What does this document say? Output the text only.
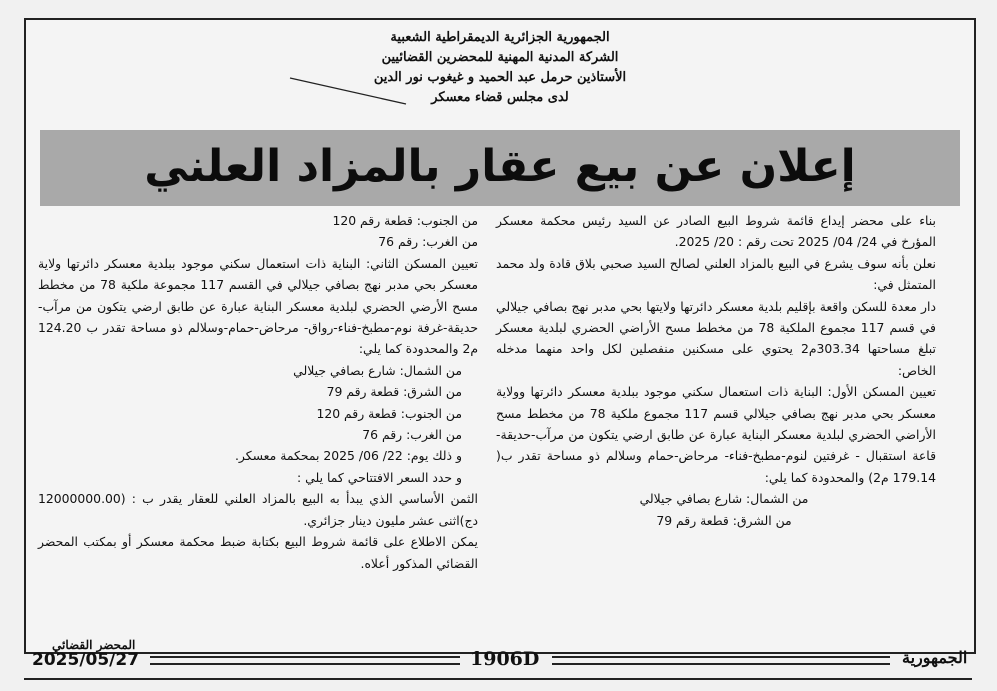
الجمهورية الجزائرية الديمقراطية الشعبية
الشركة المدنية المهنية للمحضرين القضائيين
الأستاذين حرمل عبد الحميد و غيغوب نور الدين
لدى مجلس قضاء معسكر
إعلان عن بيع عقار بالمزاد العلني

بناء على محضر إيداع قائمة شروط البيع الصادر عن السيد رئيس محكمة معسكر المؤرخ في 24/ 04/ 2025 تحت رقم : 20/ 2025.

نعلن بأنه سوف يشرع في البيع بالمزاد العلني لصالح السيد صحبي بلاق قادة ولد محمد المتمثل في:

دار معدة للسكن واقعة بإقليم بلدية معسكر دائرتها ولايتها بحي مدبر نهج بصافي جيلالي في قسم 117 مجموع الملكية 78 من مخطط مسح الأراضي الحضري لبلدية معسكر تبلغ مساحتها 303.34م2 يحتوي على مسكنين منفصلين لكل واحد منهما مدخله الخاص:

تعيين المسكن الأول: البناية ذات استعمال سكني موجود ببلدية معسكر دائرتها وولاية معسكر بحي مدبر نهج بصافي جيلالي قسم 117 مجموع ملكية 78 من مخطط مسح الأراضي الحضري لبلدية معسكر البناية عبارة عن طابق ارضي يتكون من مرآب-حديقة-قاعة استقبال - غرفتين لنوم-مطبخ-فناء- مرحاض-حمام وسلالم ذو مساحة تقدر ب( 179.14 م2) والمحدودة كما يلي:

من الشمال: شارع بصافي جيلالي

من الشرق: قطعة رقم 79

من الجنوب: قطعة رقم 120

من الغرب: رقم 76

تعيين المسكن الثاني: البناية ذات استعمال سكني موجود ببلدية معسكر دائرتها ولاية معسكر بحي مدبر نهج بصافي جيلالي في القسم 117 مجموعة ملكية 78 من مخطط مسح الأرضي الحضري لبلدية معسكر البناية عبارة عن طابق ارضي يتكون من مرآب-حديقة-غرفة نوم-مطبخ-فناء-رواق- مرحاض-حمام-وسلالم ذو مساحة تقدر ب 124.20 م2 والمحدودة كما يلي:

من الشمال: شارع بصافي جيلالي

من الشرق: قطعة رقم 79

من الجنوب: قطعة رقم 120

من الغرب: رقم 76

و ذلك يوم: 22/ 06/ 2025 بمحكمة معسكر.

و حدد السعر الافتتاحي كما يلي :

الثمن الأساسي الذي يبدأ به البيع بالمزاد العلني للعقار يقدر ب : (12000000.00 دج)اثنى عشر مليون دينار جزائري.

يمكن الاطلاع على قائمة شروط البيع بكتابة ضبط محكمة معسكر أو بمكتب المحضر القضائي المذكور أعلاه.

المحضر القضائي
2025/05/27	1906D	الجمهورية
